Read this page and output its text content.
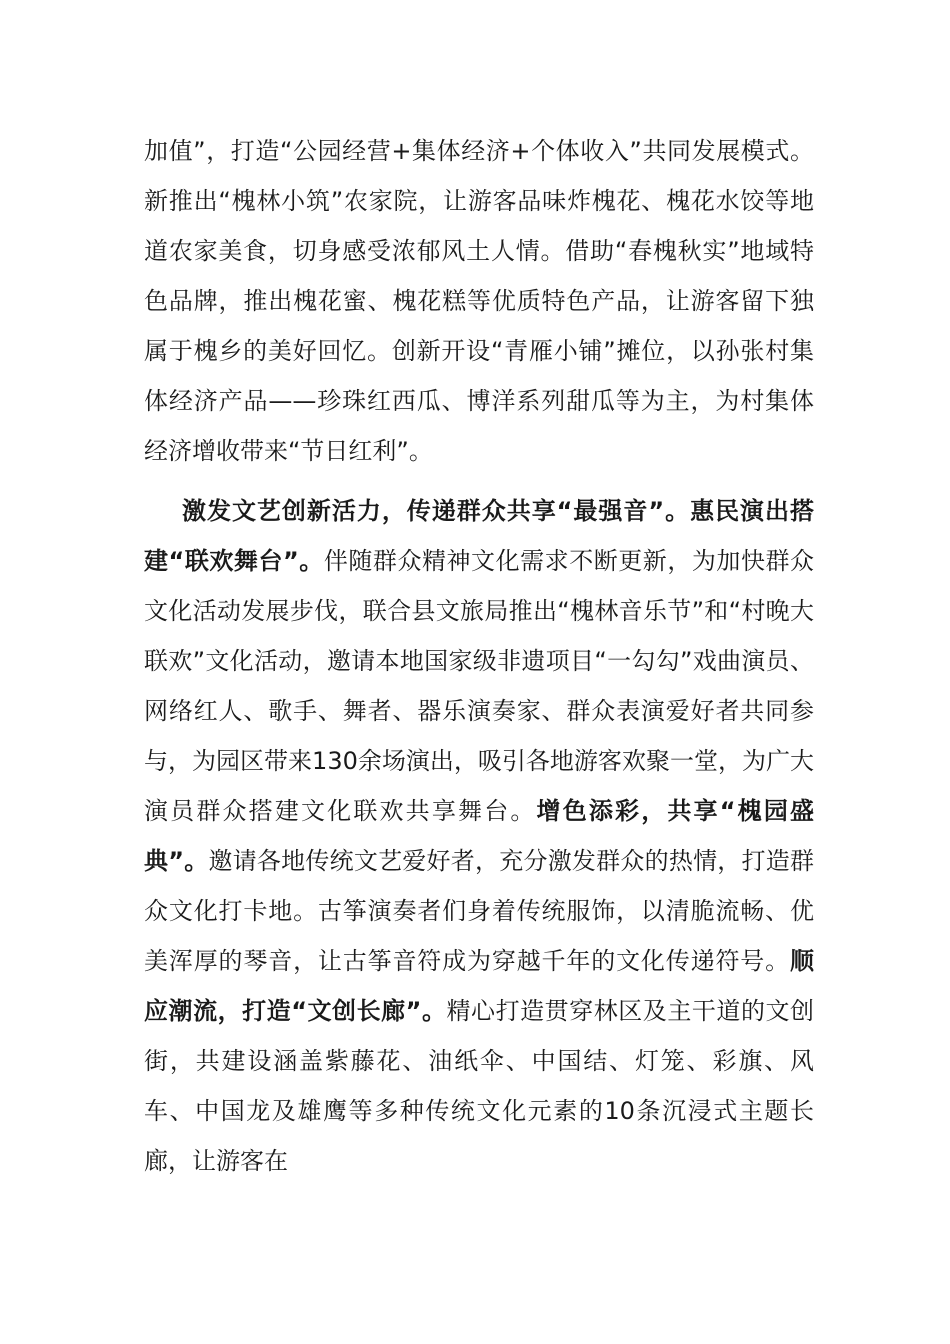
加值”，打造“公园经营+集体经济+个体收入”共同发展模式。新推出“槐林小筑”农家院，让游客品味炸槐花、槐花水饺等地道农家美食，切身感受浓郁风土人情。借助“春槐秋实”地域特色品牌，推出槐花蜜、槐花糕等优质特色产品，让游客留下独属于槐乡的美好回忆。创新开设“青雁小铺”摊位，以孙张村集体经济产品——珍珠红西瓜、博洋系列甜瓜等为主，为村集体经济增收带来“节日红利”。

激发文艺创新活力，传递群众共享“最强音”。惠民演出搭建“联欢舞台”。伴随群众精神文化需求不断更新，为加快群众文化活动发展步伐，联合县文旅局推出“槐林音乐节”和“村晚大联欢”文化活动，邀请本地国家级非遗项目“一勾勾”戏曲演员、网络红人、歌手、舞者、器乐演奏家、群众表演爱好者共同参与，为园区带来130余场演出，吸引各地游客欢聚一堂，为广大演员群众搭建文化联欢共享舞台。增色添彩，共享“槐园盛典”。邀请各地传统文艺爱好者，充分激发群众的热情，打造群众文化打卡地。古筝演奏者们身着传统服饰，以清脆流畅、优美浑厚的琴音，让古筝音符成为穿越千年的文化传递符号。顺应潮流，打造“文创长廊”。精心打造贯穿林区及主干道的文创街，共建设涵盖紫藤花、油纸伞、中国结、灯笼、彩旗、风车、中国龙及雄鹰等多种传统文化元素的10条沉浸式主题长廊，让游客在
